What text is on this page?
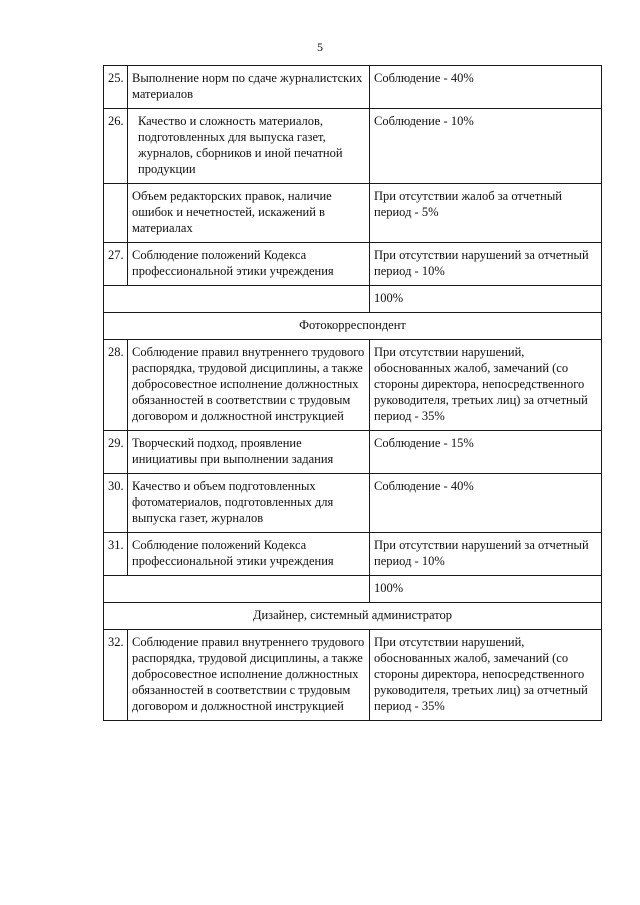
5
25.	Выполнение норм по сдаче журналистских материалов	Соблюдение - 40%
26.	Качество и сложность материалов, подготовленных для выпуска газет, журналов, сборников и иной печатной продукции	Соблюдение - 10%
	Объем редакторских правок, наличие ошибок и нечетностей, искажений в материалах	При отсутствии жалоб за отчетный период - 5%
27.	Соблюдение положений Кодекса профессиональной этики учреждения	При отсутствии нарушений за отчетный период - 10%
		100%
Фотокорреспондент		
28.	Соблюдение правил внутреннего трудового распорядка, трудовой дисциплины, а также добросовестное исполнение должностных обязанностей в соответствии с трудовым договором и должностной инструкцией	При отсутствии нарушений, обоснованных жалоб, замечаний (со стороны директора, непосредственного руководителя, третьих лиц) за отчетный период - 35%
29.	Творческий подход, проявление инициативы при выполнении задания	Соблюдение - 15%
30.	Качество и объем подготовленных фотоматериалов, подготовленных для выпуска газет, журналов	Соблюдение - 40%
31.	Соблюдение положений Кодекса профессиональной этики учреждения	При отсутствии нарушений за отчетный период - 10%
		100%
Дизайнер, системный администратор		
32.	Соблюдение правил внутреннего трудового распорядка, трудовой дисциплины, а также добросовестное исполнение должностных обязанностей в соответствии с трудовым договором и должностной инструкцией	При отсутствии нарушений, обоснованных жалоб, замечаний (со стороны директора, непосредственного руководителя, третьих лиц) за отчетный период - 35%
